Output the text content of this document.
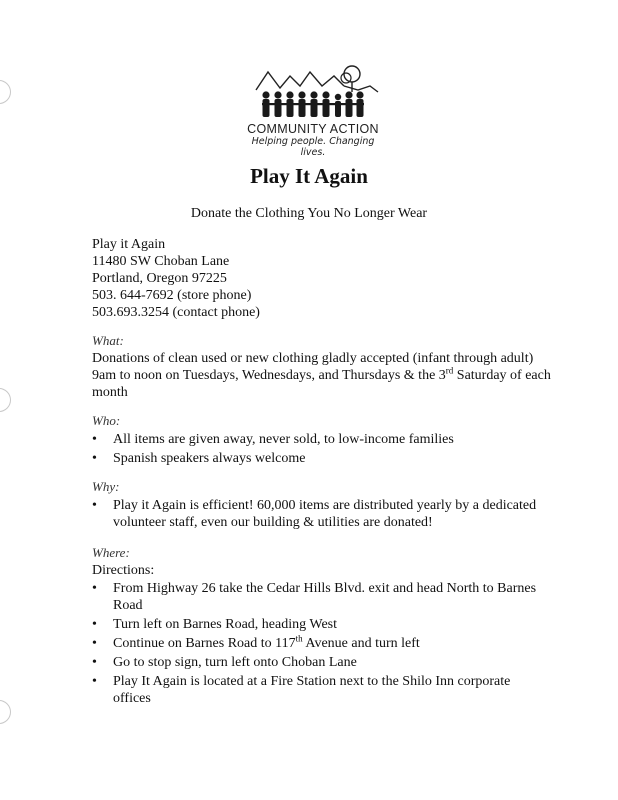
COMMUNITY ACTION
Helping people. Changing lives.
Play It Again
Donate the Clothing You No Longer Wear
Play it Again
11480 SW Choban Lane
Portland, Oregon 97225
503. 644-7692 (store phone)
503.693.3254 (contact phone)
What:
Donations of clean used or new clothing gladly accepted (infant through adult) 9am to noon on Tuesdays, Wednesdays, and Thursdays & the 3rd Saturday of each month
Who:
• All items are given away, never sold, to low-income families
• Spanish speakers always welcome
Why:
• Play it Again is efficient! 60,000 items are distributed yearly by a dedicated volunteer staff, even our building & utilities are donated!
Where:
Directions:
• From Highway 26 take the Cedar Hills Blvd. exit and head North to Barnes Road
• Turn left on Barnes Road, heading West
• Continue on Barnes Road to 117th Avenue and turn left
• Go to stop sign, turn left onto Choban Lane
• Play It Again is located at a Fire Station next to the Shilo Inn corporate offices
